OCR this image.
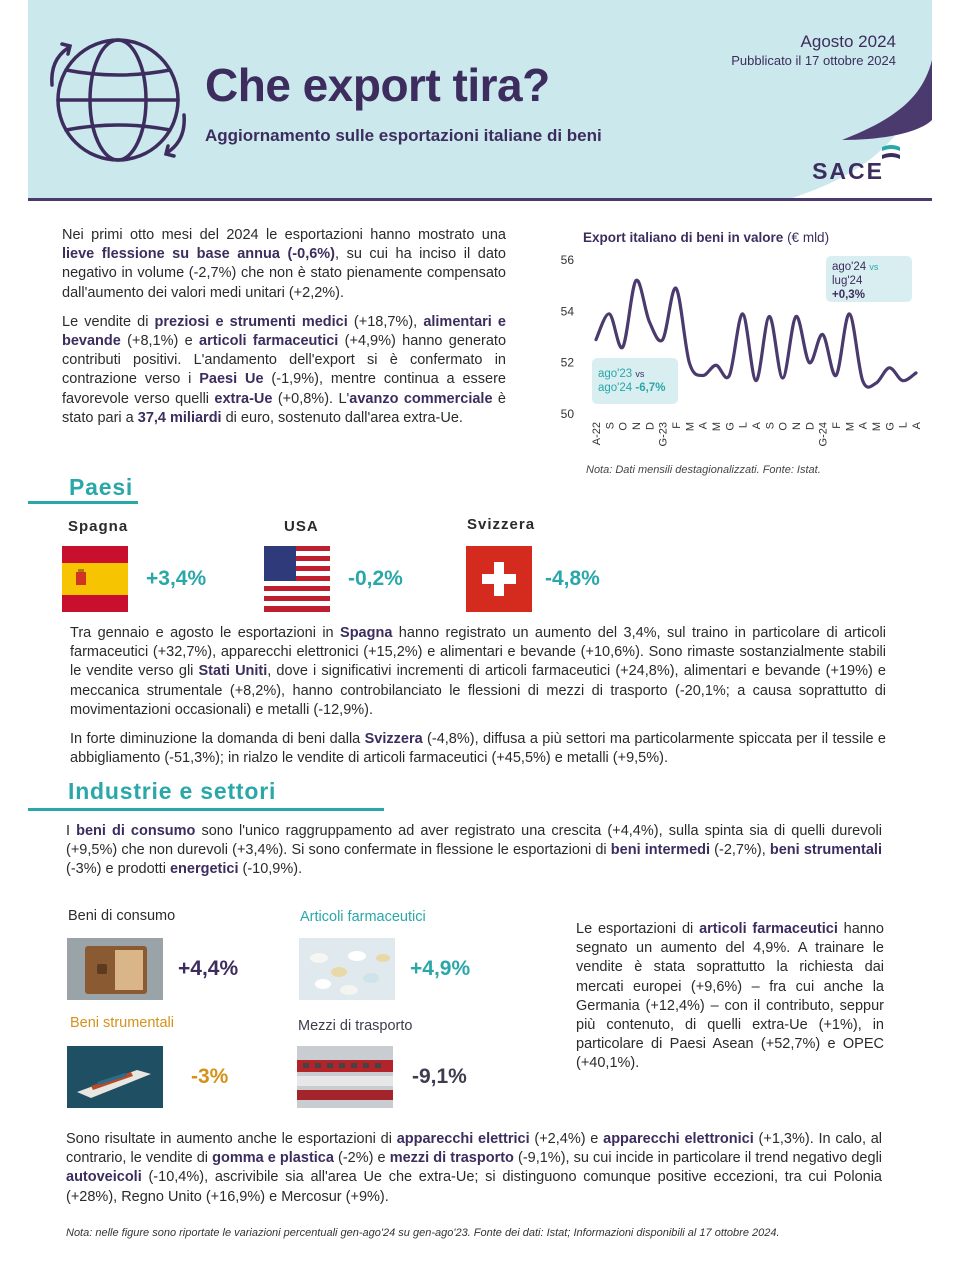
Che export tira?
Aggiornamento sulle esportazioni italiane di beni
Agosto 2024
Pubblicato il 17 ottobre 2024
SACE
Nei primi otto mesi del 2024 le esportazioni hanno mostrato una lieve flessione su base annua (-0,6%), su cui ha inciso il dato negativo in volume (-2,7%) che non è stato pienamente compensato dall'aumento dei valori medi unitari (+2,2%).
Le vendite di preziosi e strumenti medici (+18,7%), alimentari e bevande (+8,1%) e articoli farmaceutici (+4,9%) hanno generato contributi positivi. L'andamento dell'export si è confermato in contrazione verso i Paesi Ue (-1,9%), mentre continua a essere favorevole verso quelli extra-Ue (+0,8%). L'avanzo commerciale è stato pari a 37,4 miliardi di euro, sostenuto dall'area extra-Ue.
Export italiano di beni in valore (€ mld)
50
52
54
56	ago'24 vs
lug'24
+0,3%
ago'23 vs
ago'24 -6,7%
A-22 S O N D G-23 F M A M G L A S O N D G-24 F M A M G L A
Nota: Dati mensili destagionalizzati. Fonte: Istat.
Paesi
Spagna	USA	Svizzera
+3,4%	-0,2%	-4,8%
Tra gennaio e agosto le esportazioni in Spagna hanno registrato un aumento del 3,4%, sul traino in particolare di articoli farmaceutici (+32,7%), apparecchi elettronici (+15,2%) e alimentari e bevande (+10,6%). Sono rimaste sostanzialmente stabili le vendite verso gli Stati Uniti, dove i significativi incrementi di articoli farmaceutici (+24,8%), alimentari e bevande (+19%) e meccanica strumentale (+8,2%), hanno controbilanciato le flessioni di mezzi di trasporto (-20,1%; a causa soprattutto di movimentazioni occasionali) e metalli (-12,9%).
In forte diminuzione la domanda di beni dalla Svizzera (-4,8%), diffusa a più settori ma particolarmente spiccata per il tessile e abbigliamento (-51,3%); in rialzo le vendite di articoli farmaceutici (+45,5%) e metalli (+9,5%).
Industrie e settori
I beni di consumo sono l'unico raggruppamento ad aver registrato una crescita (+4,4%), sulla spinta sia di quelli durevoli (+9,5%) che non durevoli (+3,4%). Si sono confermate in flessione le esportazioni di beni intermedi (-2,7%), beni strumentali (-3%) e prodotti energetici (-10,9%).
Beni di consumo
+4,4%
Articoli farmaceutici
+4,9%
Beni strumentali
-3%
Mezzi di trasporto
-9,1%
Le esportazioni di articoli farmaceutici hanno segnato un aumento del 4,9%. A trainare le vendite è stata soprattutto la richiesta dai mercati europei (+9,6%) – fra cui anche la Germania (+12,4%) – con il contributo, seppur più contenuto, di quelli extra-Ue (+1%), in particolare di Paesi Asean (+52,7%) e OPEC (+40,1%).
Sono risultate in aumento anche le esportazioni di apparecchi elettrici (+2,4%) e apparecchi elettronici (+1,3%). In calo, al contrario, le vendite di gomma e plastica (-2%) e mezzi di trasporto (-9,1%), su cui incide in particolare il trend negativo degli autoveicoli (-10,4%), ascrivibile sia all'area Ue che extra-Ue; si distinguono comunque positive eccezioni, tra cui Polonia (+28%), Regno Unito (+16,9%) e Mercosur (+9%).
Nota: nelle figure sono riportate le variazioni percentuali gen-ago'24 su gen-ago'23. Fonte dei dati: Istat; Informazioni disponibili al 17 ottobre 2024.
